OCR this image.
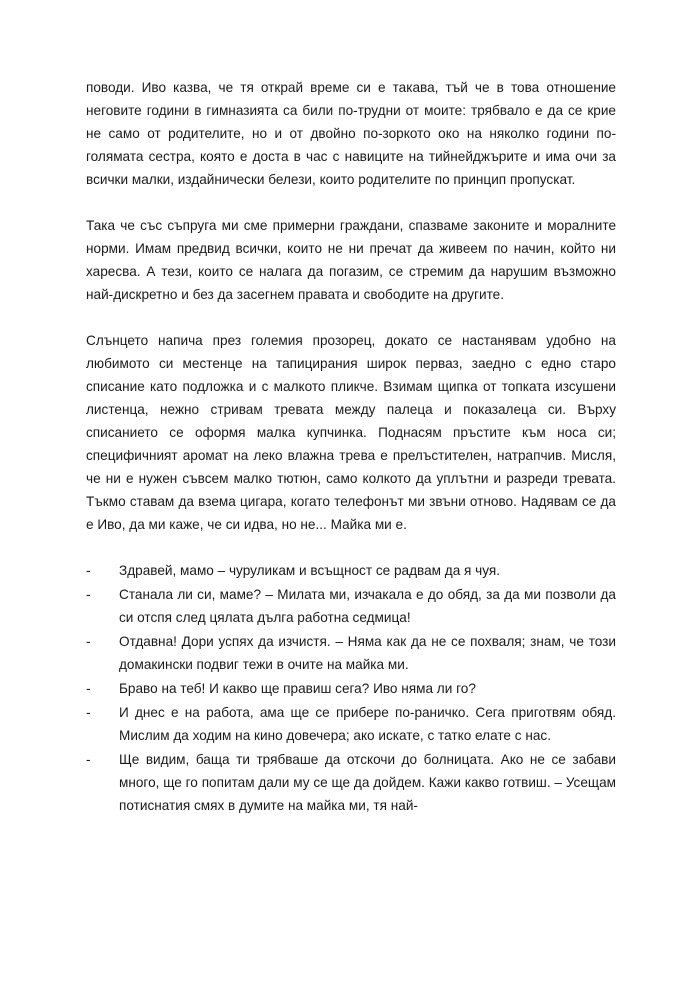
поводи. Иво казва, че тя открай време си е такава, тъй че в това отношение неговите години в гимназията са били по-трудни от моите: трябвало е да се крие не само от родителите, но и от двойно по-зоркото око на няколко години по-голямата сестра, която е доста в час с навиците на тийнейджърите и има очи за всички малки, издайнически белези, които родителите по принцип пропускат.

Така че със съпруга ми сме примерни граждани, спазваме законите и моралните норми. Имам предвид всички, които не ни пречат да живеем по начин, който ни харесва. А тези, които се налага да погазим, се стремим да нарушим възможно най-дискретно и без да засегнем правата и свободите на другите.

Слънцето напича през големия прозорец, докато се настанявам удобно на любимото си местенце на тапицирания широк перваз, заедно с едно старо списание като подложка и с малкото пликче. Взимам щипка от топката изсушени листенца, нежно стривам тревата между палеца и показалеца си. Върху списанието се оформя малка купчинка. Поднасям пръстите към носа си; специфичният аромат на леко влажна трева е прелъстителен, натрапчив. Мисля, че ни е нужен съвсем малко тютюн, само колкото да уплътни и разреди тревата. Тъкмо ставам да взема цигара, когато телефонът ми звъни отново. Надявам се да е Иво, да ми каже, че си идва, но не... Майка ми е.

- Здравей, мамо – чуруликам и всъщност се радвам да я чуя.
- Станала ли си, маме? – Милата ми, изчакала е до обяд, за да ми позволи да си отспя след цялата дълга работна седмица!
- Отдавна! Дори успях да изчистя. – Няма как да не се похваля; знам, че този домакински подвиг тежи в очите на майка ми.
- Браво на теб! И какво ще правиш сега? Иво няма ли го?
- И днес е на работа, ама ще се прибере по-раничко. Сега приготвям обяд. Мислим да ходим на кино довечера; ако искате, с татко елате с нас.
- Ще видим, баща ти трябваше да отскочи до болницата. Ако не се забави много, ще го попитам дали му се ще да дойдем. Кажи какво готвиш. – Усещам потиснатия смях в думите на майка ми, тя най-
